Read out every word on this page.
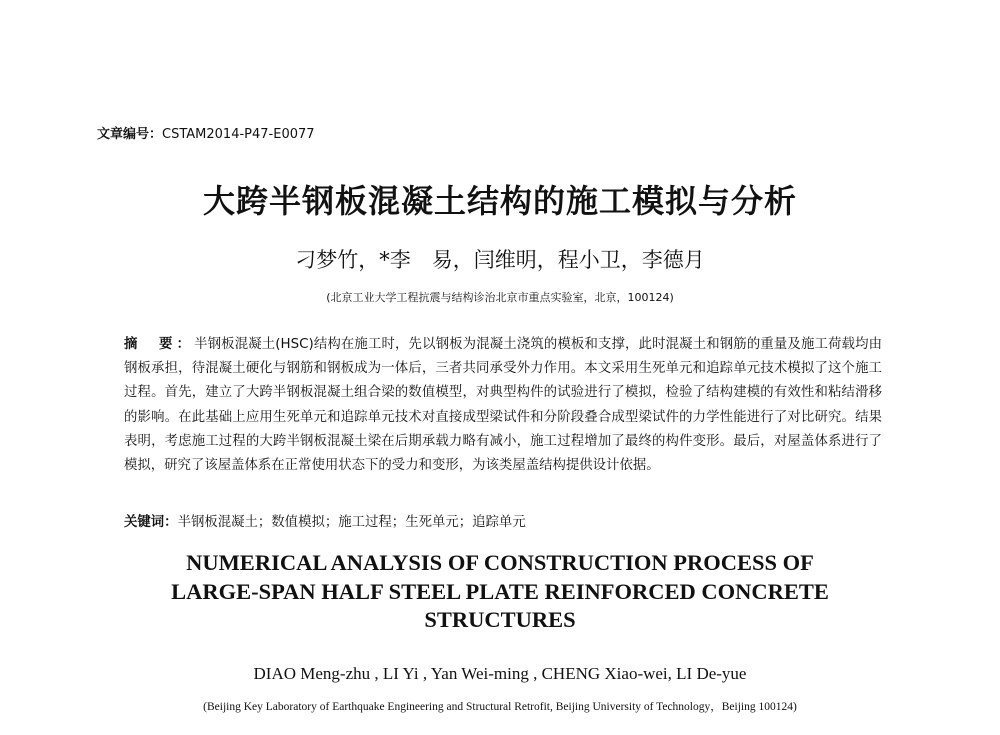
文章编号：CSTAM2014-P47-E0077
大跨半钢板混凝土结构的施工模拟与分析
刁梦竹，*李　易，闫维明，程小卫，李德月
(北京工业大学工程抗震与结构诊治北京市重点实验室，北京，100124)
摘　要：半钢板混凝土(HSC)结构在施工时，先以钢板为混凝土浇筑的模板和支撑，此时混凝土和钢筋的重量及施工荷载均由钢板承担，待混凝土硬化与钢筋和钢板成为一体后，三者共同承受外力作用。本文采用生死单元和追踪单元技术模拟了这个施工过程。首先，建立了大跨半钢板混凝土组合梁的数值模型，对典型构件的试验进行了模拟，检验了结构建模的有效性和粘结滑移的影响。在此基础上应用生死单元和追踪单元技术对直接成型梁试件和分阶段叠合成型梁试件的力学性能进行了对比研究。结果表明，考虑施工过程的大跨半钢板混凝土梁在后期承载力略有减小，施工过程增加了最终的构件变形。最后，对屋盖体系进行了模拟，研究了该屋盖体系在正常使用状态下的受力和变形，为该类屋盖结构提供设计依据。
关键词：半钢板混凝土；数值模拟；施工过程；生死单元；追踪单元
NUMERICAL ANALYSIS OF CONSTRUCTION PROCESS OF
LARGE-SPAN HALF STEEL PLATE REINFORCED CONCRETE
STRUCTURES
DIAO Meng-zhu , LI Yi , Yan Wei-ming , CHENG Xiao-wei, LI De-yue
(Beijing Key Laboratory of Earthquake Engineering and Structural Retrofit, Beijing University of Technology，Beijing 100124)
